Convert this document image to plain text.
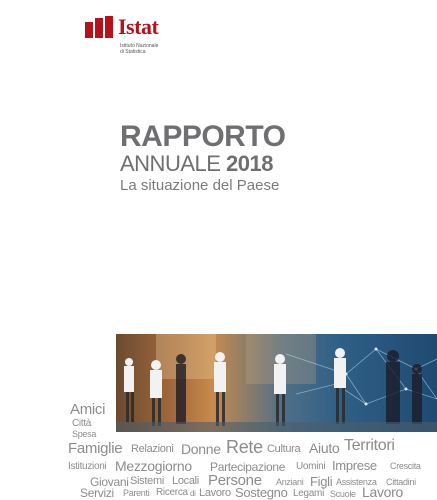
Istat
Istituto Nazionale
di Statistica
RAPPORTO
ANNUALE 2018
La situazione del Paese
Amici
Città
Spesa
Famiglie Relazioni Donne Rete Cultura Aiuto Territori
Istituzioni Mezzogiorno Partecipazione Uomini Imprese Crescita
Giovani Sistemi Locali Persone Anziani Figli Assistenza Cittadini
Servizi Parenti Ricerca di Lavoro Sostegno Legami Scuole Lavoro
